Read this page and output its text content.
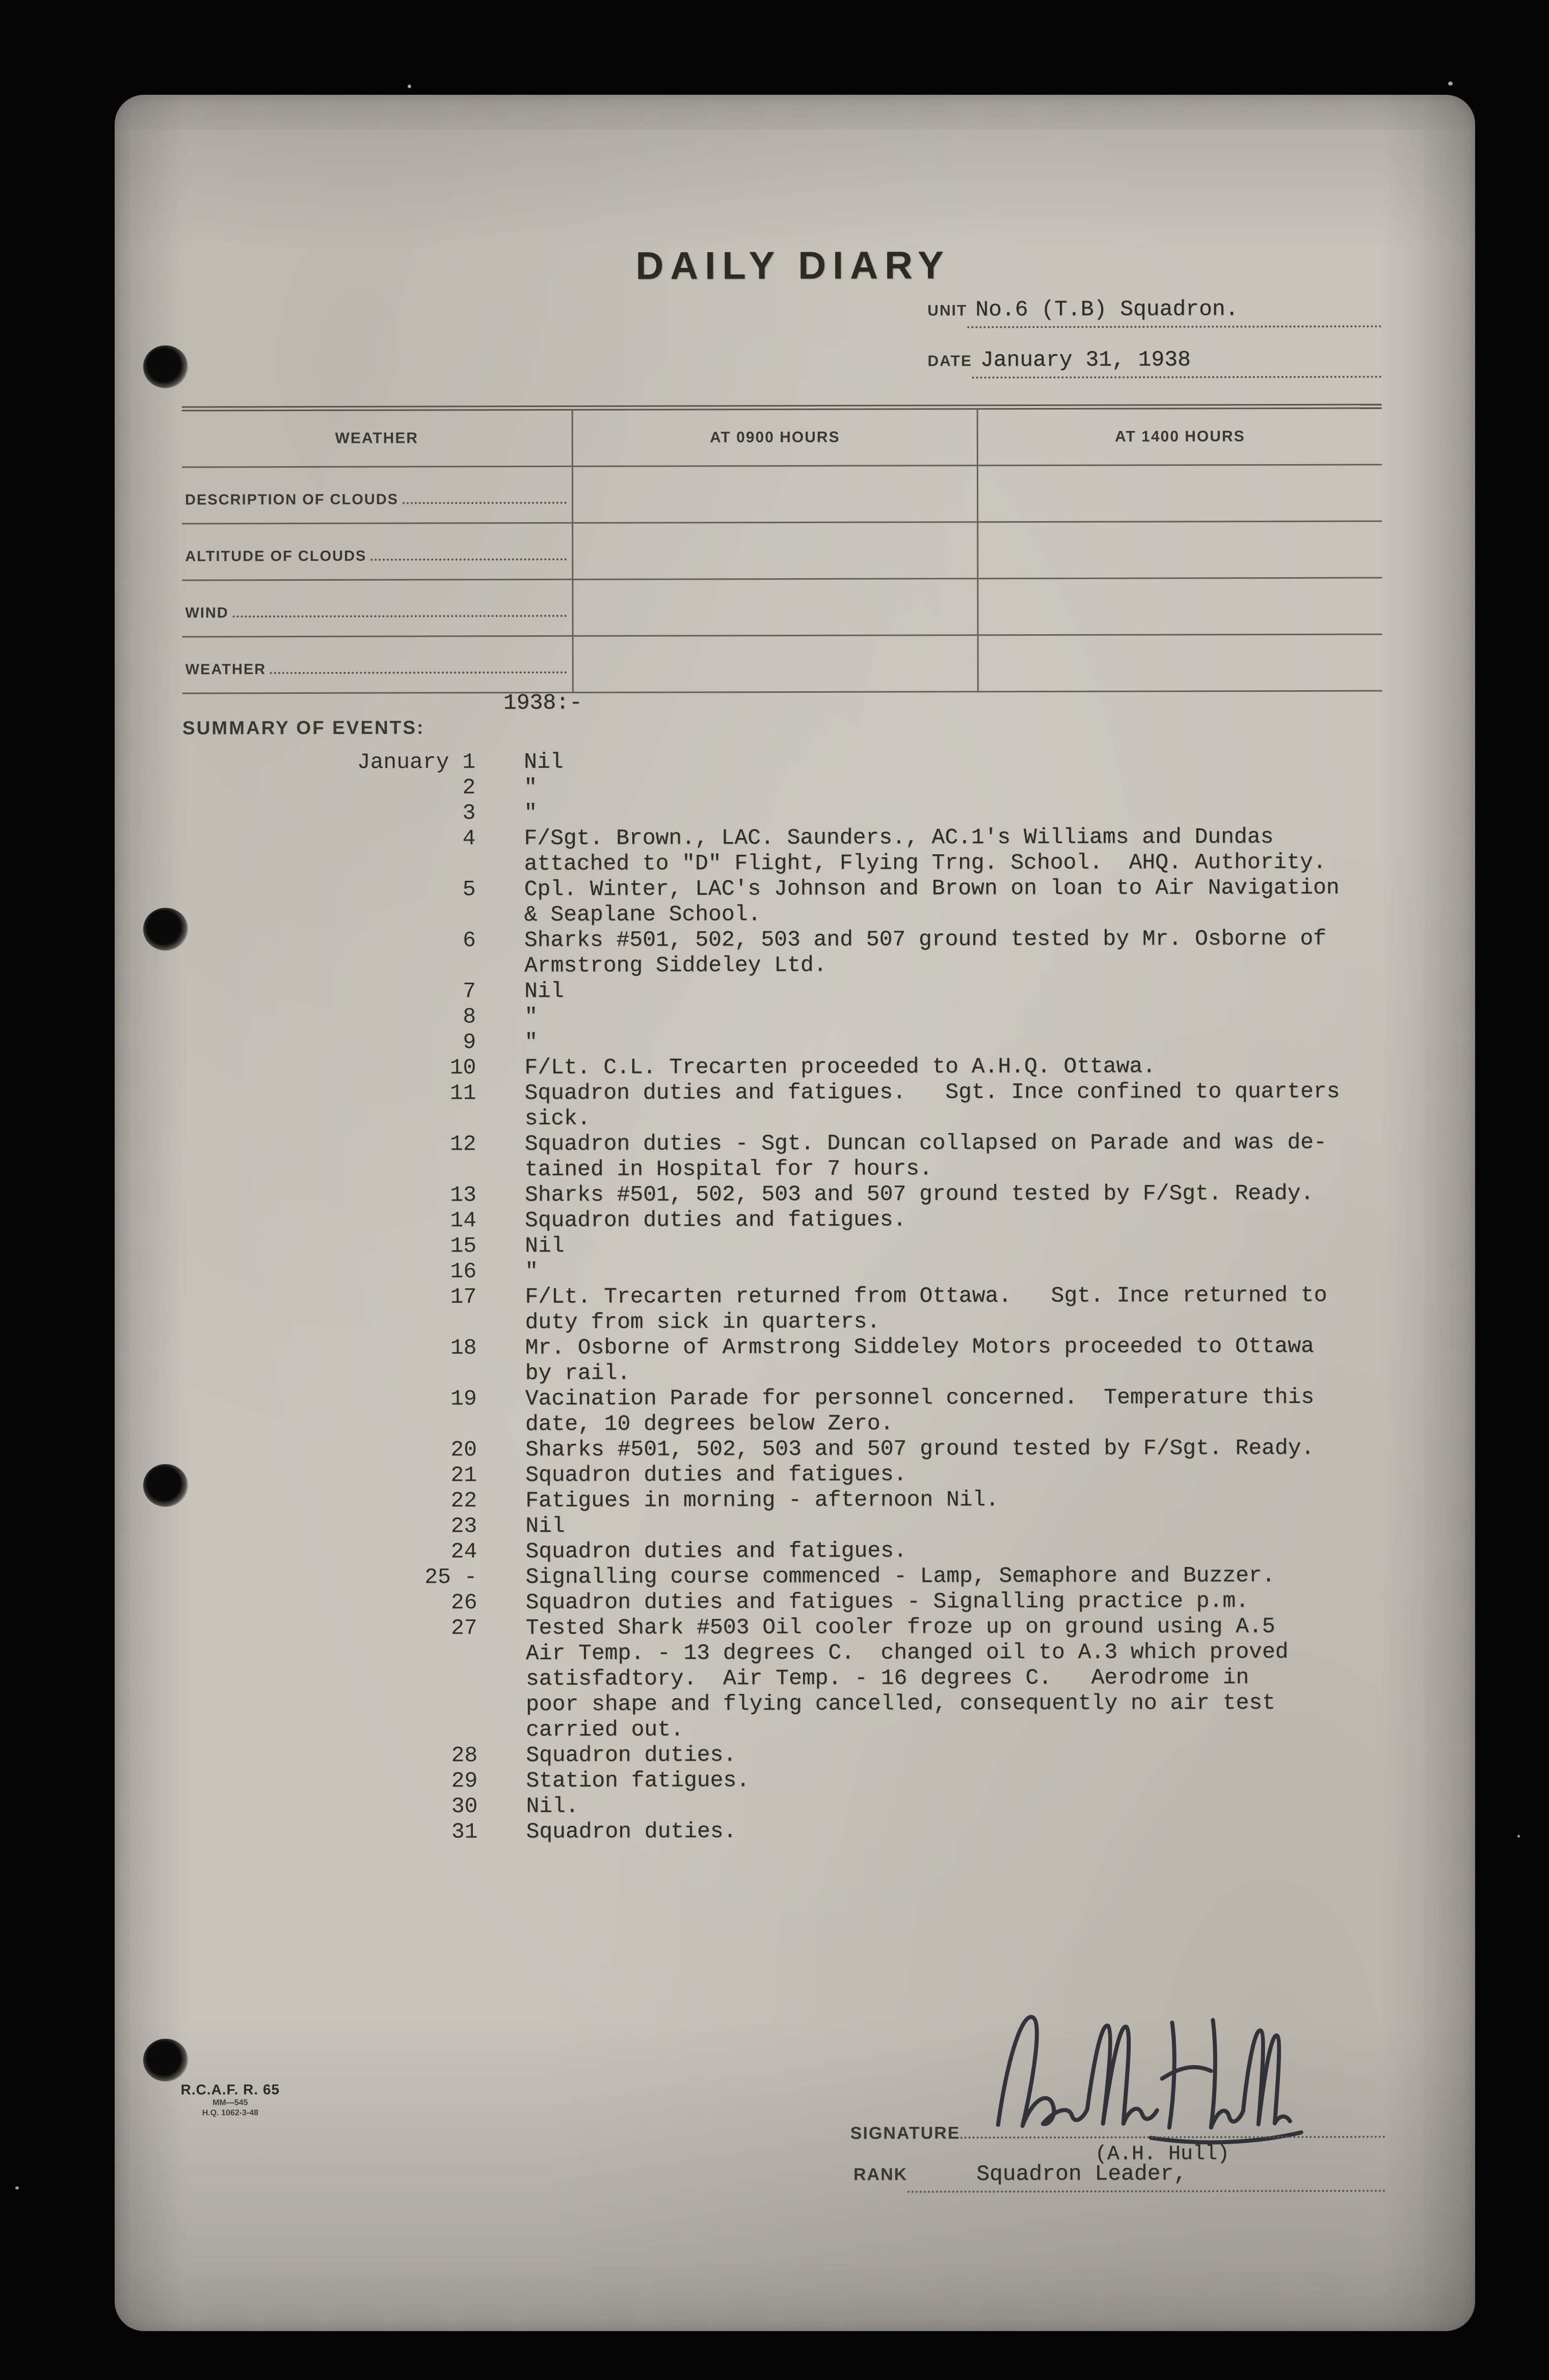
DAILY DIARY
UNIT No.6 (T.B) Squadron.
DATE January 31, 1938
WEATHER	AT 0900 HOURS	AT 1400 HOURS
DESCRIPTION OF CLOUDS
ALTITUDE OF CLOUDS
WIND
WEATHER
SUMMARY OF EVENTS:
1938:-
January 1 Nil
2 "
3 "
4 F/Sgt. Brown., LAC. Saunders., AC.1's Williams and Dundas
attached to "D" Flight, Flying Trng. School.  AHQ. Authority.
5 Cpl. Winter, LAC's Johnson and Brown on loan to Air Navigation
& Seaplane School.
6 Sharks #501, 502, 503 and 507 ground tested by Mr. Osborne of
Armstrong Siddeley Ltd.
7 Nil
8 "
9 "
10 F/Lt. C.L. Trecarten proceeded to A.H.Q. Ottawa.
11 Squadron duties and fatigues.   Sgt. Ince confined to quarters
sick.
12 Squadron duties - Sgt. Duncan collapsed on Parade and was de-
tained in Hospital for 7 hours.
13 Sharks #501, 502, 503 and 507 ground tested by F/Sgt. Ready.
14 Squadron duties and fatigues.
15 Nil
16 "
17 F/Lt. Trecarten returned from Ottawa.   Sgt. Ince returned to
duty from sick in quarters.
18 Mr. Osborne of Armstrong Siddeley Motors proceeded to Ottawa
by rail.
19 Vacination Parade for personnel concerned.  Temperature this
date, 10 degrees below Zero.
20 Sharks #501, 502, 503 and 507 ground tested by F/Sgt. Ready.
21 Squadron duties and fatigues.
22 Fatigues in morning - afternoon Nil.
23 Nil
24 Squadron duties and fatigues.
25 - Signalling course commenced - Lamp, Semaphore and Buzzer.
26 Squadron duties and fatigues - Signalling practice p.m.
27 Tested Shark #503 Oil cooler froze up on ground using A.5
Air Temp. - 13 degrees C.  changed oil to A.3 which proved
satisfadtory.  Air Temp. - 16 degrees C.   Aerodrome in
poor shape and flying cancelled, consequently no air test
carried out.
28 Squadron duties.
29 Station fatigues.
30 Nil.
31 Squadron duties.
R.C.A.F. R. 65
MM—545
H.Q. 1062-3-48
SIGNATURE
(A.H. Hull)
RANK	Squadron Leader,
